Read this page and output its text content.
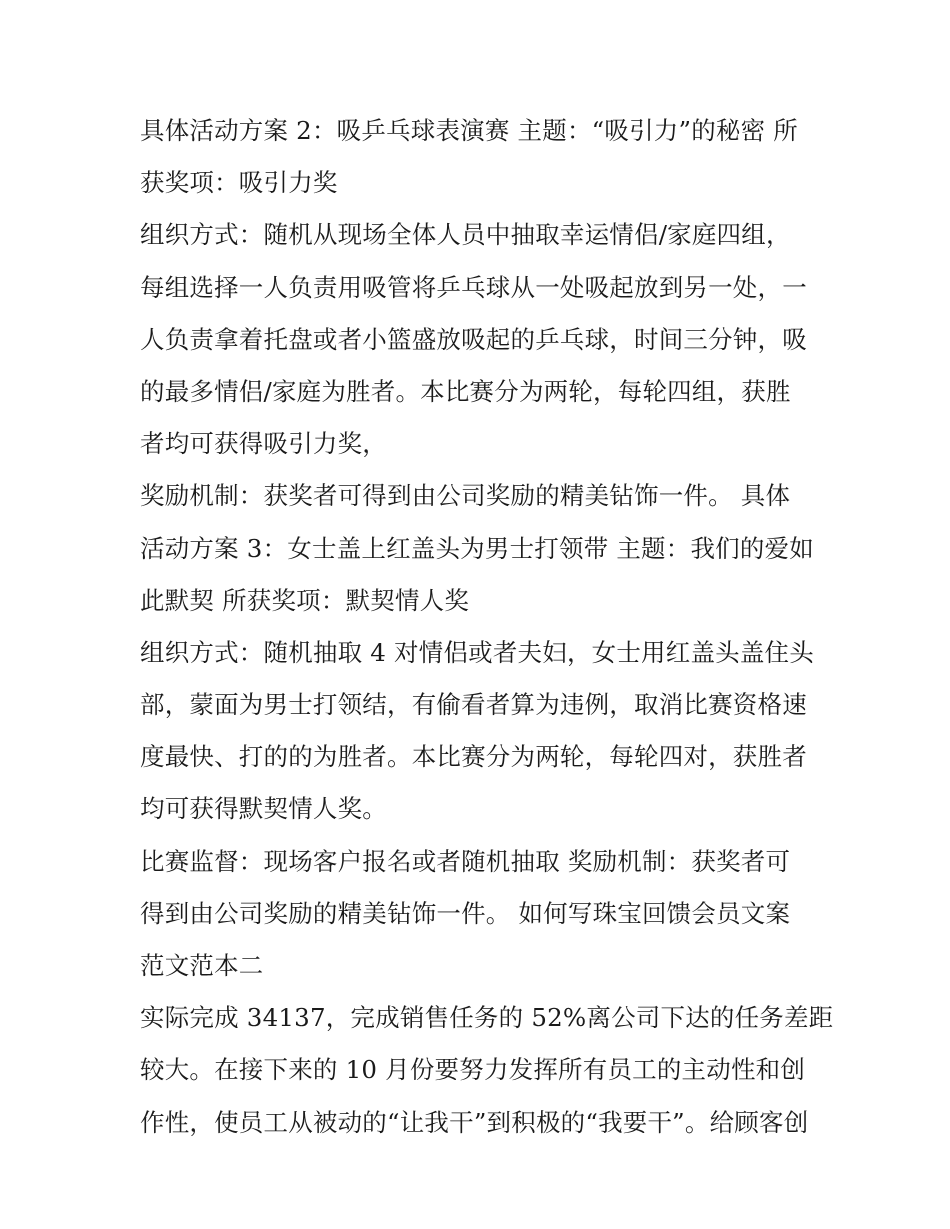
具体活动方案 2：吸乒乓球表演赛 主题：“吸引力”的秘密 所
获奖项：吸引力奖
组织方式：随机从现场全体人员中抽取幸运情侣/家庭四组，
每组选择一人负责用吸管将乒乓球从一处吸起放到另一处，一
人负责拿着托盘或者小篮盛放吸起的乒乓球，时间三分钟，吸
的最多情侣/家庭为胜者。本比赛分为两轮，每轮四组，获胜
者均可获得吸引力奖，
奖励机制：获奖者可得到由公司奖励的精美钻饰一件。 具体
活动方案 3：女士盖上红盖头为男士打领带 主题：我们的爱如
此默契 所获奖项：默契情人奖
组织方式：随机抽取 4 对情侣或者夫妇，女士用红盖头盖住头
部，蒙面为男士打领结，有偷看者算为违例，取消比赛资格速
度最快、打的的为胜者。本比赛分为两轮，每轮四对，获胜者
均可获得默契情人奖。
比赛监督：现场客户报名或者随机抽取 奖励机制：获奖者可
得到由公司奖励的精美钻饰一件。 如何写珠宝回馈会员文案
范文范本二
实际完成 34137，完成销售任务的 52%离公司下达的任务差距
较大。在接下来的 10 月份要努力发挥所有员工的主动性和创
作性，使员工从被动的“让我干”到积极的“我要干”。给顾客创
